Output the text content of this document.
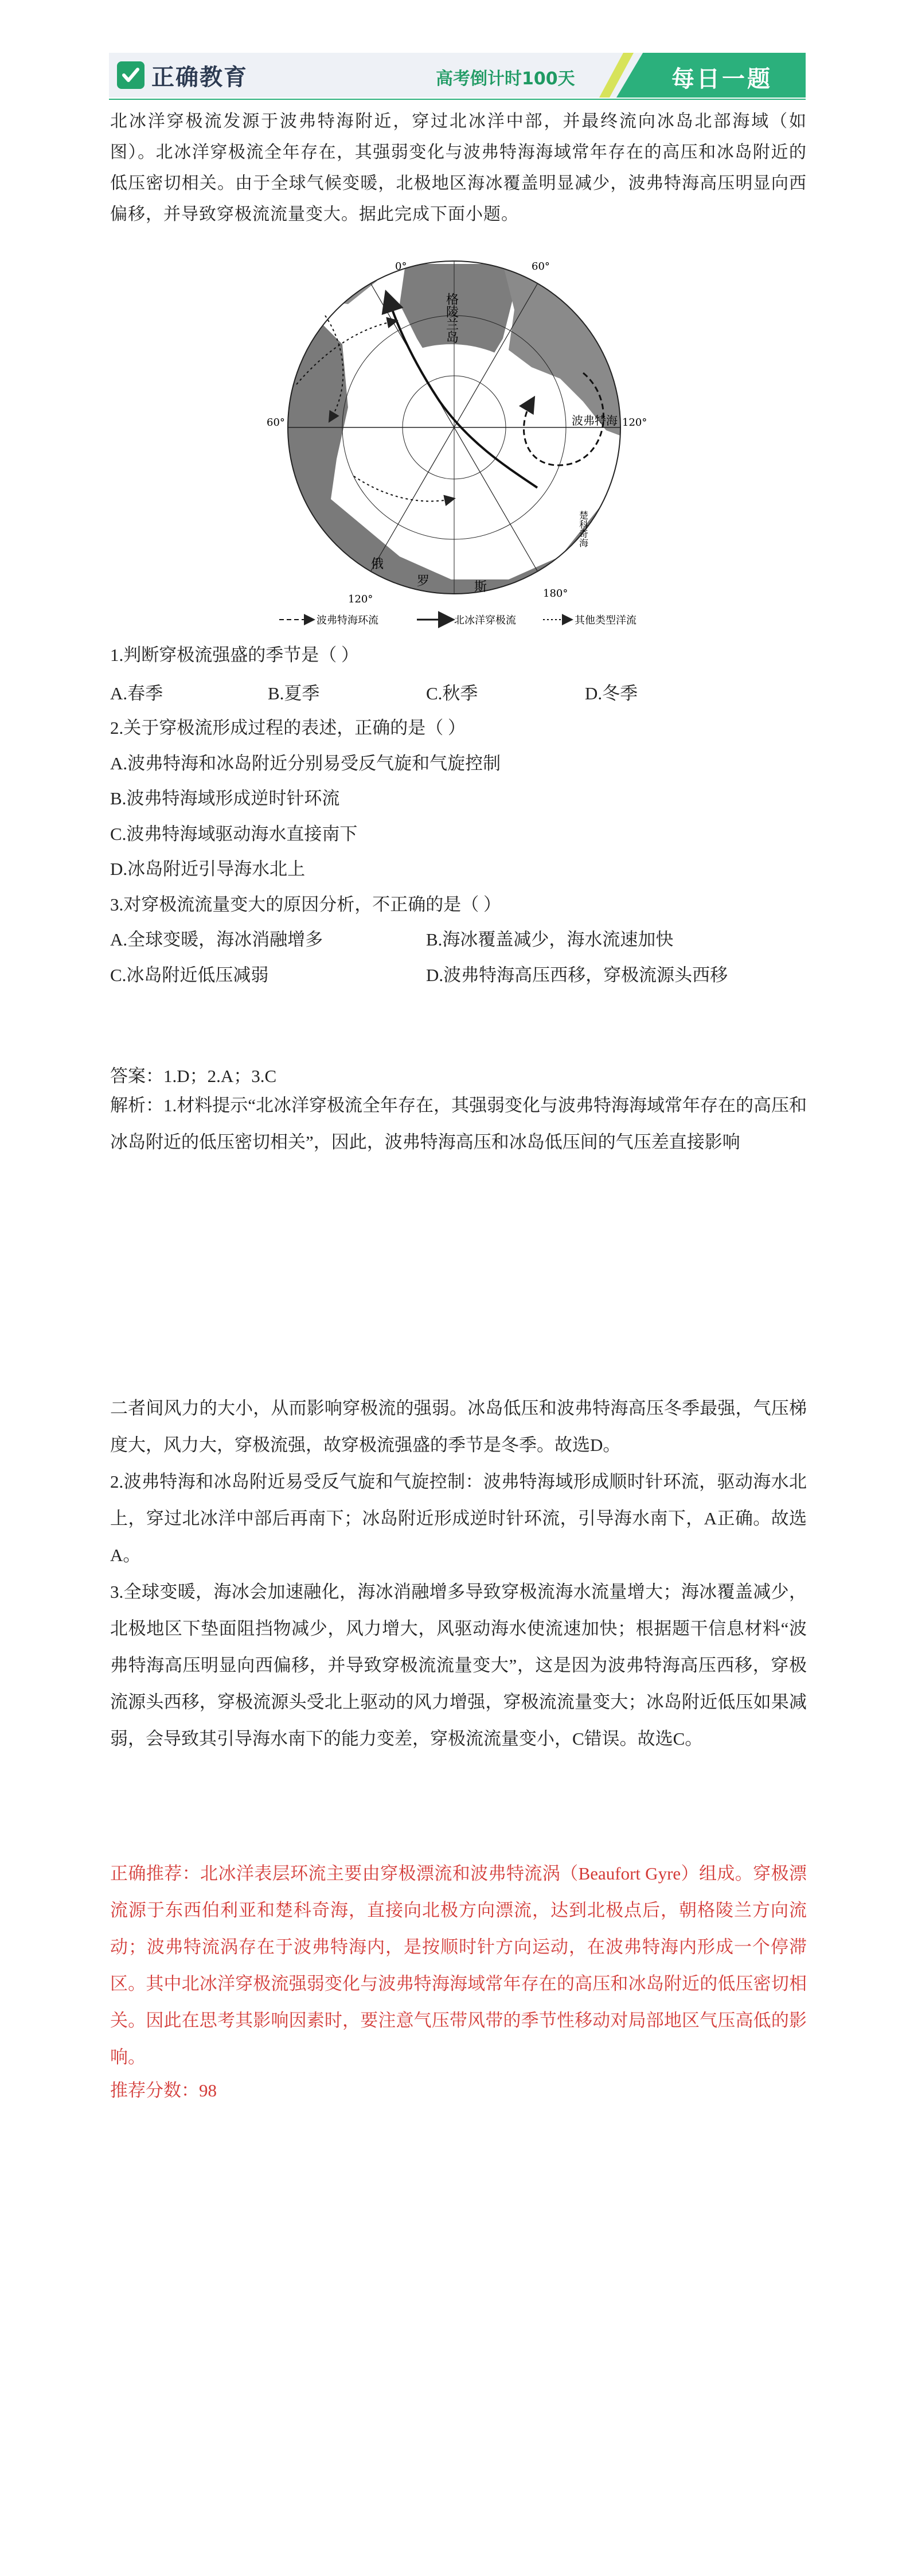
正确教育	高考倒计时100天	每日一题
北冰洋穿极流发源于波弗特海附近，穿过北冰洋中部，并最终流向冰岛北部海域（如图）。北冰洋穿极流全年存在，其强弱变化与波弗特海海域常年存在的高压和冰岛附近的低压密切相关。由于全球气候变暖，北极地区海冰覆盖明显减少，波弗特海高压明显向西偏移，并导致穿极流流量变大。据此完成下面小题。
0°	60°
60°	120°
120°	180°
格陵兰岛
波弗特海
俄
罗	斯
楚科奇海
波弗特海环流	北冰洋穿极流	其他类型洋流
1.判断穿极流强盛的季节是（ ）
A.春季	B.夏季	C.秋季	D.冬季
2.关于穿极流形成过程的表述，正确的是（ ）
A.波弗特海和冰岛附近分别易受反气旋和气旋控制
B.波弗特海域形成逆时针环流
C.波弗特海域驱动海水直接南下
D.冰岛附近引导海水北上
3.对穿极流流量变大的原因分析，不正确的是（ ）
A.全球变暖，海冰消融增多	B.海冰覆盖减少，海水流速加快
C.冰岛附近低压减弱	D.波弗特海高压西移，穿极流源头西移
答案：1.D；2.A；3.C
解析：1.材料提示“北冰洋穿极流全年存在，其强弱变化与波弗特海海域常年存在的高压和冰岛附近的低压密切相关”，因此，波弗特海高压和冰岛低压间的气压差直接影响
二者间风力的大小，从而影响穿极流的强弱。冰岛低压和波弗特海高压冬季最强，气压梯度大，风力大，穿极流强，故穿极流强盛的季节是冬季。故选D。
2.波弗特海和冰岛附近易受反气旋和气旋控制：波弗特海域形成顺时针环流，驱动海水北上，穿过北冰洋中部后再南下；冰岛附近形成逆时针环流，引导海水南下，A正确。故选A。
3.全球变暖，海冰会加速融化，海冰消融增多导致穿极流海水流量增大；海冰覆盖减少，北极地区下垫面阻挡物减少，风力增大，风驱动海水使流速加快；根据题干信息材料“波弗特海高压明显向西偏移，并导致穿极流流量变大”，这是因为波弗特海高压西移，穿极流源头西移，穿极流源头受北上驱动的风力增强，穿极流流量变大；冰岛附近低压如果减弱，会导致其引导海水南下的能力变差，穿极流流量变小，C错误。故选C。
正确推荐：北冰洋表层环流主要由穿极漂流和波弗特流涡（Beaufort Gyre）组成。穿极漂流源于东西伯利亚和楚科奇海，直接向北极方向漂流，达到北极点后，朝格陵兰方向流动；波弗特流涡存在于波弗特海内，是按顺时针方向运动，在波弗特海内形成一个停滞区。其中北冰洋穿极流强弱变化与波弗特海海域常年存在的高压和冰岛附近的低压密切相关。因此在思考其影响因素时，要注意气压带风带的季节性移动对局部地区气压高低的影响。
推荐分数：98
